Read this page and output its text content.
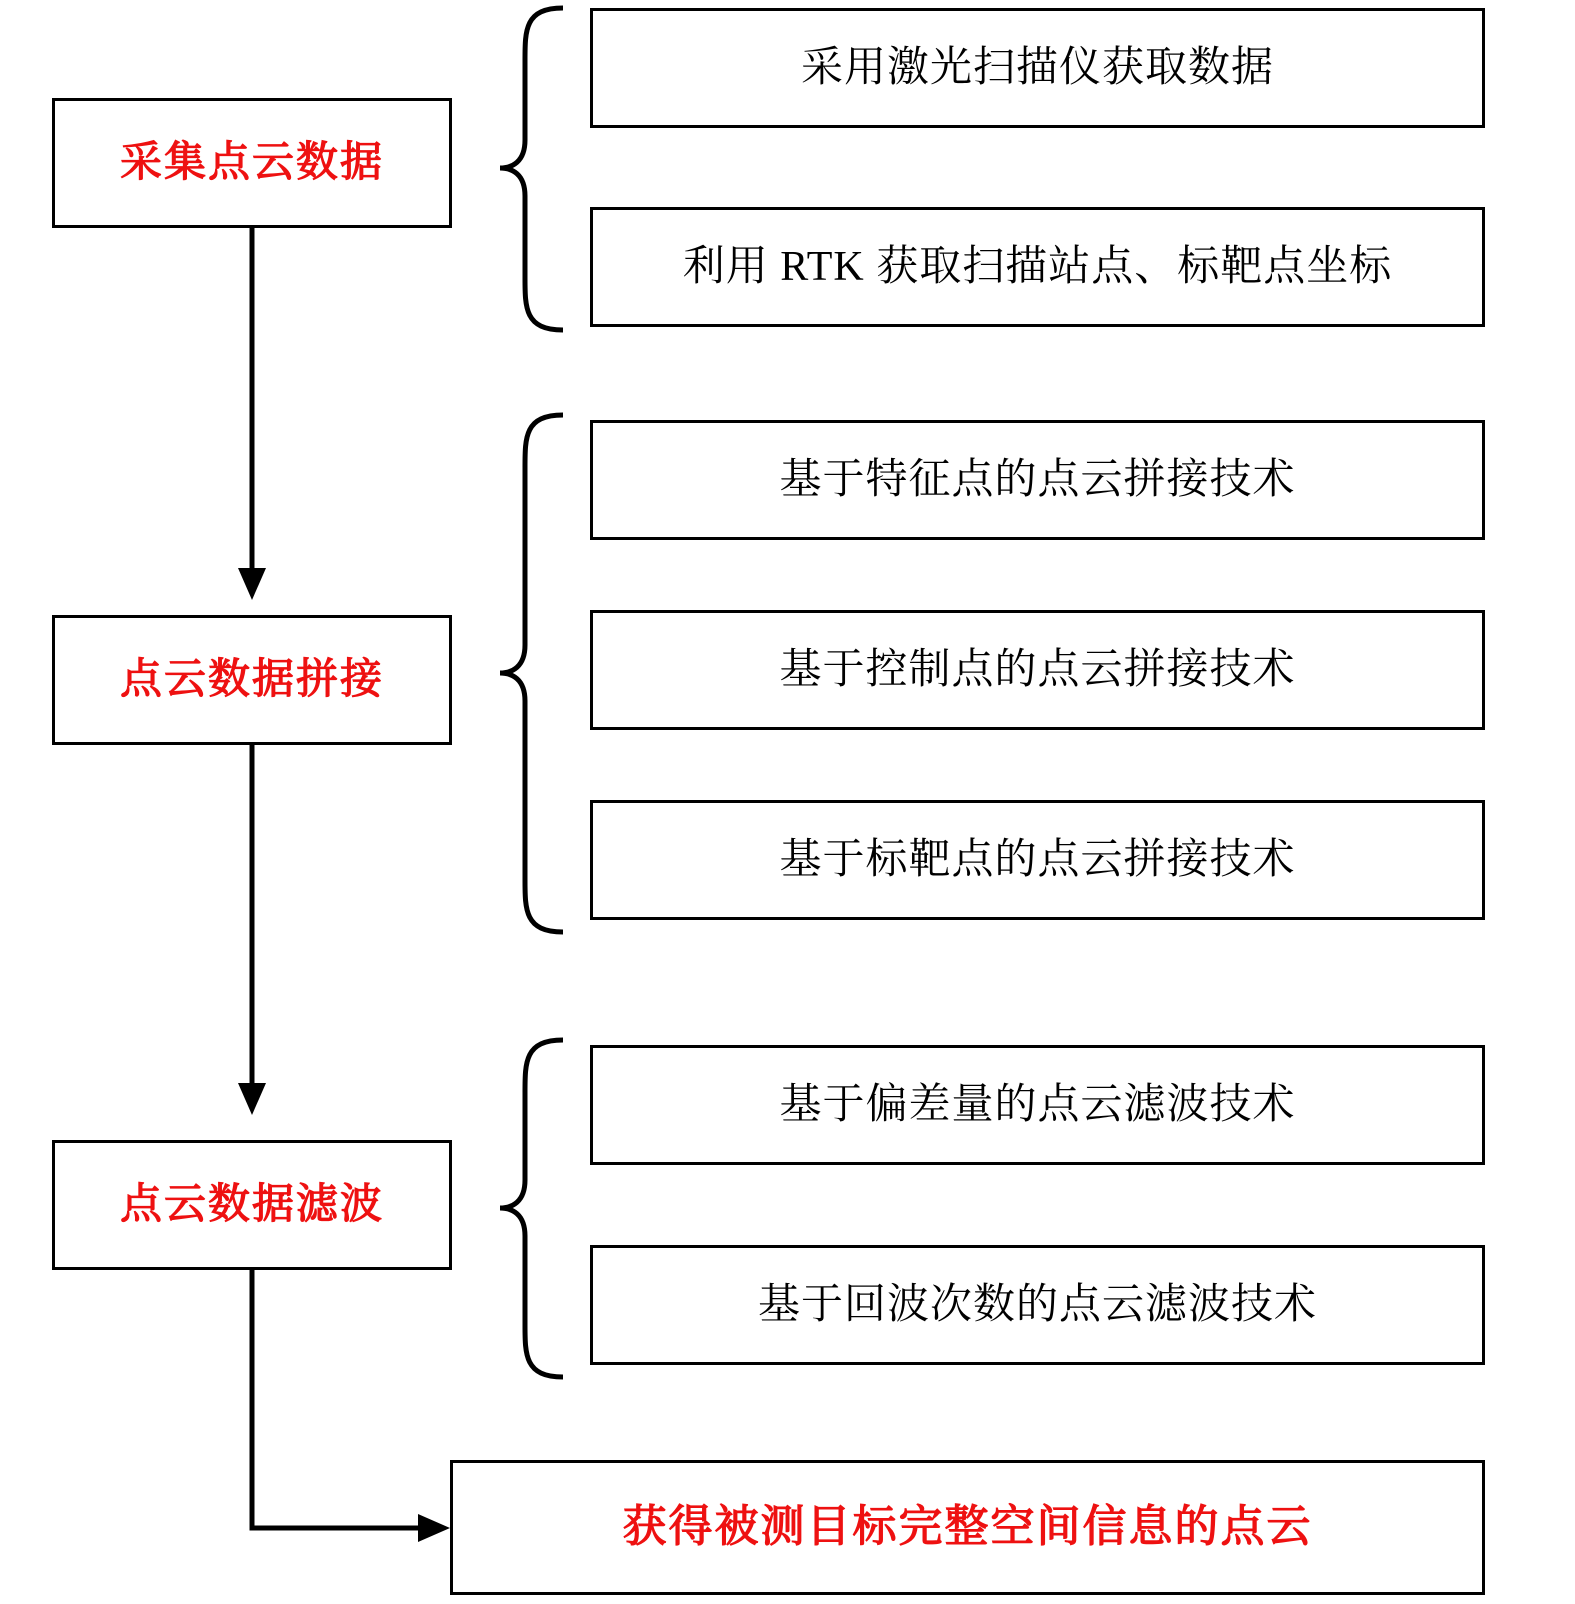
采集点云数据
点云数据拼接
点云数据滤波
采用激光扫描仪获取数据
利用 RTK 获取扫描站点、标靶点坐标
基于特征点的点云拼接技术
基于控制点的点云拼接技术
基于标靶点的点云拼接技术
基于偏差量的点云滤波技术
基于回波次数的点云滤波技术
获得被测目标完整空间信息的点云
